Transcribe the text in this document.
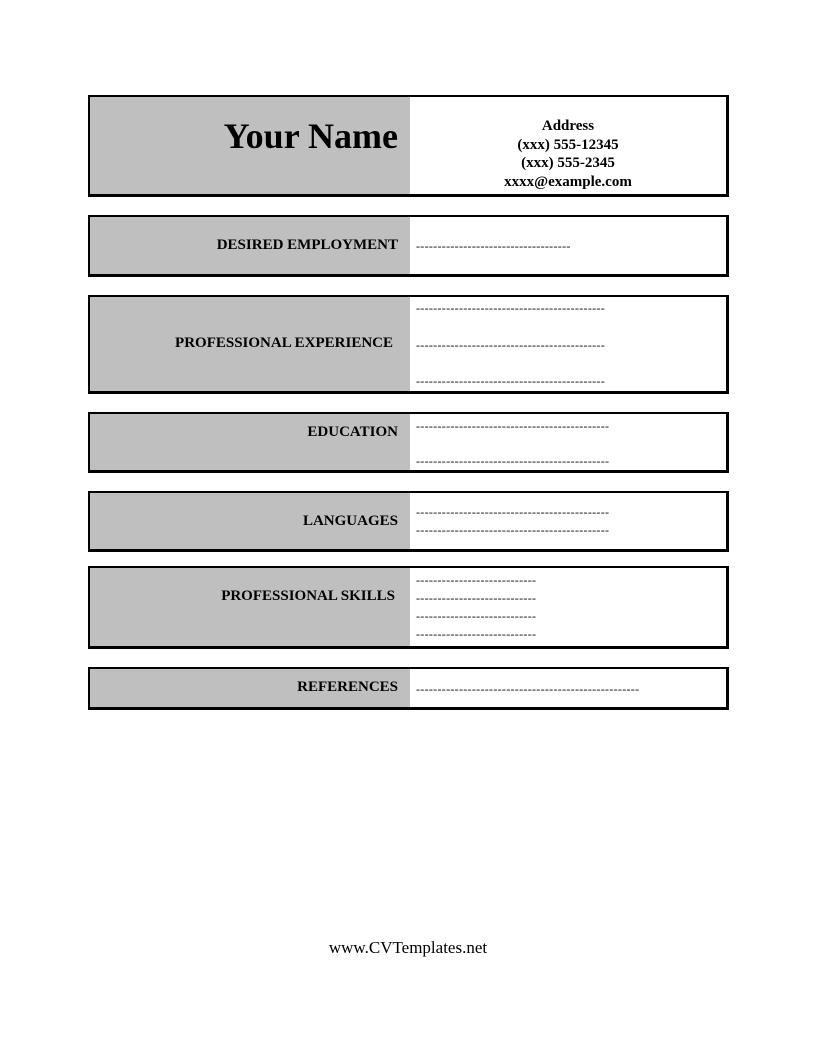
Your Name	Address
(xxx) 555-12345
(xxx) 555-2345
xxxx@example.com
DESIRED EMPLOYMENT ------------------------------------
PROFESSIONAL EXPERIENCE
--------------------------------------------
--------------------------------------------
--------------------------------------------
EDUCATION ---------------------------------------------
---------------------------------------------
LANGUAGES
---------------------------------------------
---------------------------------------------
PROFESSIONAL SKILLS
----------------------------
----------------------------
----------------------------
----------------------------
REFERENCES ----------------------------------------------------
www.CVTemplates.net
